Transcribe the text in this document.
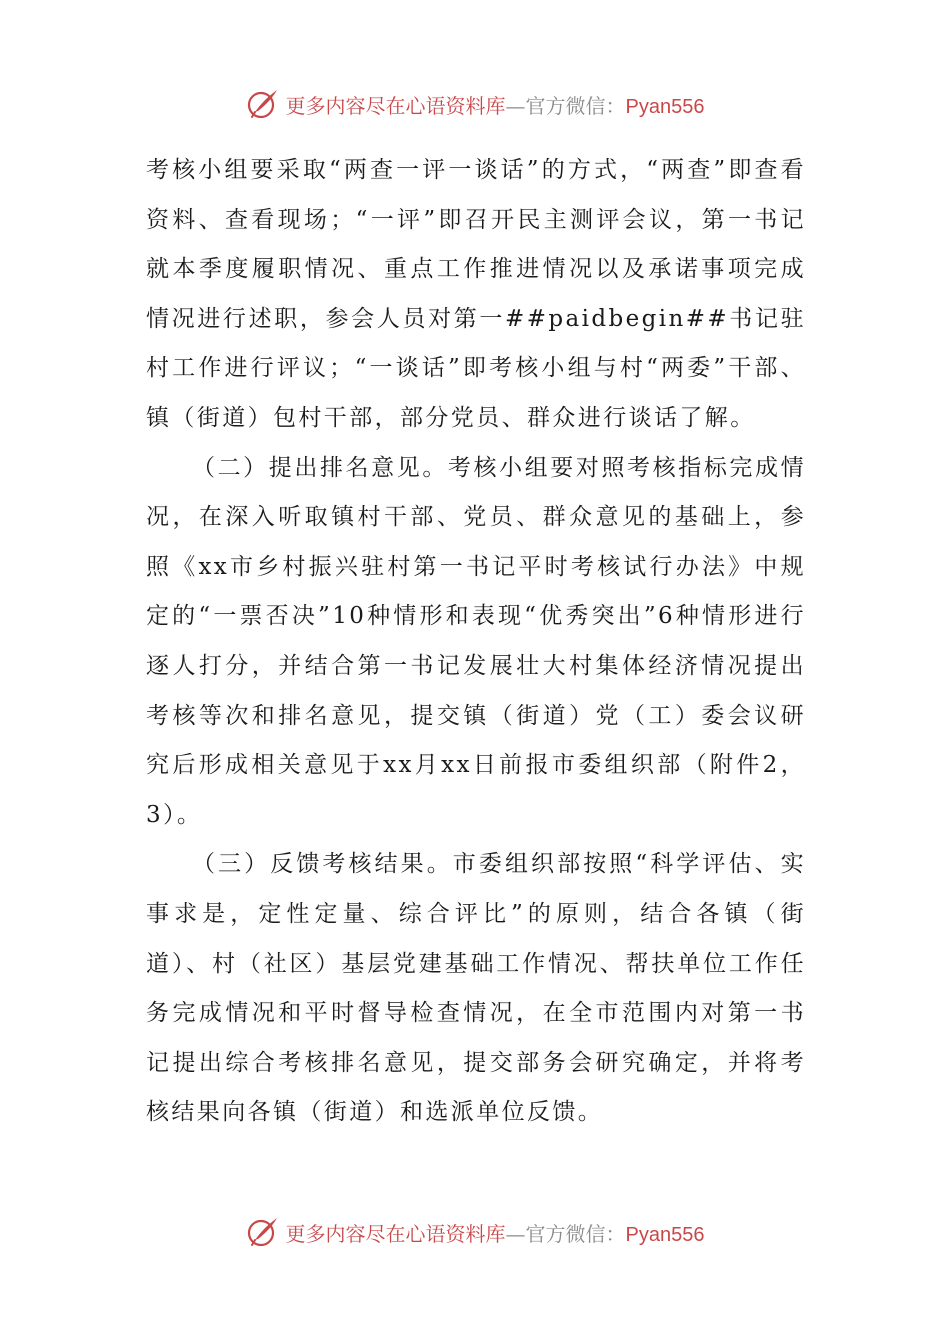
更多内容尽在心语资料库—官方微信：Pyan556

考核小组要采取“两查一评一谈话”的方式，“两查”即查看资料、查看现场；“一评”即召开民主测评会议，第一书记就本季度履职情况、重点工作推进情况以及承诺事项完成情况进行述职，参会人员对第一##paidbegin##书记驻村工作进行评议；“一谈话”即考核小组与村“两委”干部、镇（街道）包村干部，部分党员、群众进行谈话了解。

（二）提出排名意见。考核小组要对照考核指标完成情况，在深入听取镇村干部、党员、群众意见的基础上，参照《xx市乡村振兴驻村第一书记平时考核试行办法》中规定的“一票否决”10种情形和表现“优秀突出”6种情形进行逐人打分，并结合第一书记发展壮大村集体经济情况提出考核等次和排名意见，提交镇（街道）党（工）委会议研究后形成相关意见于xx月xx日前报市委组织部（附件2，3）。

（三）反馈考核结果。市委组织部按照“科学评估、实事求是，定性定量、综合评比”的原则，结合各镇（街道）、村（社区）基层党建基础工作情况、帮扶单位工作任务完成情况和平时督导检查情况，在全市范围内对第一书记提出综合考核排名意见，提交部务会研究确定，并将考核结果向各镇（街道）和选派单位反馈。

更多内容尽在心语资料库—官方微信：Pyan556
